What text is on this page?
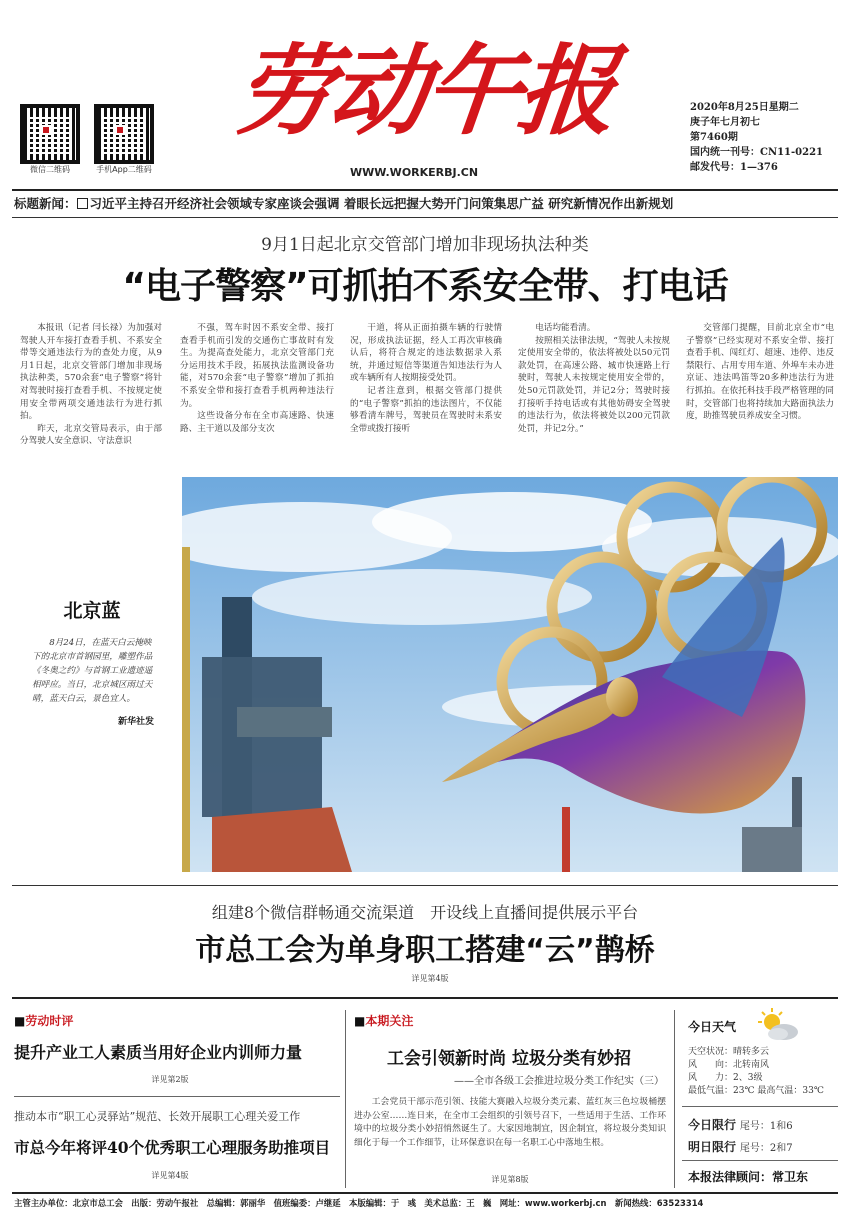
微信二维码	手机App二维码
劳动午报
WWW.WORKERBJ.CN
2020年8月25日星期二
庚子年七月初七
第7460期
国内统一刊号：CN11-0221
邮发代号：1—376
标题新闻： 习近平主持召开经济社会领域专家座谈会强调 着眼长远把握大势开门问策集思广益 研究新情况作出新规划
9月1日起北京交管部门增加非现场执法种类
“电子警察”可抓拍不系安全带、打电话

本报讯（记者 闫长禄）为加强对驾驶人开车接打查看手机、不系安全带等交通违法行为的查处力度，从9月1日起，北京交管部门增加非现场执法种类，570余套“电子警察”将针对驾驶时接打查看手机、不按规定使用安全带两项交通违法行为进行抓拍。

昨天，北京交管局表示，由于部分驾驶人安全意识、守法意识

不强，驾车时因不系安全带、接打查看手机而引发的交通伤亡事故时有发生。为提高查处能力，北京交管部门充分运用技术手段，拓展执法监测设备功能，对570余套“电子警察”增加了抓拍不系安全带和接打查看手机两种违法行为。

这些设备分布在全市高速路、快速路、主干道以及部分支次

干道，将从正面拍摄车辆的行驶情况，形成执法证据，经人工再次审核确认后，将符合规定的违法数据录入系统，并通过短信等渠道告知违法行为人或车辆所有人按期接受处罚。

记者注意到，根据交管部门提供的“电子警察”抓拍的违法图片，不仅能够看清车牌号，驾驶员在驾驶时未系安全带或拨打接听

电话均能看清。

按照相关法律法规，“驾驶人未按规定使用安全带的，依法将被处以50元罚款处罚，在高速公路、城市快速路上行驶时，驾驶人未按规定使用安全带的，处50元罚款处罚，并记2分；驾驶时接打接听手持电话或有其他妨碍安全驾驶的违法行为，依法将被处以200元罚款处罚，并记2分。”

交管部门提醒，目前北京全市“电子警察”已经实现对不系安全带、接打查看手机、闯红灯、超速、违停、违反禁限行、占用专用车道、外埠车未办进京证、违法鸣笛等20多种违法行为进行抓拍。在依托科技手段严格管理的同时，交管部门也将持续加大路面执法力度，助推驾驶员养成安全习惯。

北京蓝
8月24日，在蓝天白云掩映下的北京市首钢园里，雕塑作品《冬奥之约》与首钢工业遗迹遥相呼应。当日，北京城区雨过天晴，蓝天白云，景色宜人。
新华社发
组建8个微信群畅通交流渠道　开设线上直播间提供展示平台
市总工会为单身职工搭建“云”鹊桥
详见第4版
■劳动时评
提升产业工人素质当用好企业内训师力量
详见第2版
推动本市“职工心灵驿站”规范、长效开展职工心理关爱工作
市总今年将评40个优秀职工心理服务助推项目
详见第4版
■本期关注
工会引领新时尚 垃圾分类有妙招
——全市各级工会推进垃圾分类工作纪实（三）
工会党员干部示范引领、技能大赛融入垃圾分类元素、蓝红灰三色垃圾桶摆进办公室……连日来，在全市工会组织的引领号召下，一些适用于生活、工作环境中的垃圾分类小妙招悄然诞生了。大家因地制宜，因企制宜，将垃圾分类知识细化于每一个工作细节，让环保意识在每一名职工心中落地生根。
详见第8版
今日天气
天空状况：晴转多云
风　　向：北转南风
风　　力：2、3级
最低气温：23℃ 最高气温：33℃
今日限行 尾号：1和6
明日限行 尾号：2和7
本报法律顾问：常卫东
主管主办单位：北京市总工会　出版：劳动午报社　总编辑：郭丽华　值班编委：卢继延　本版编辑：于　彧　美术总监：王　巍　网址：www.workerbj.cn　新闻热线：63523314
